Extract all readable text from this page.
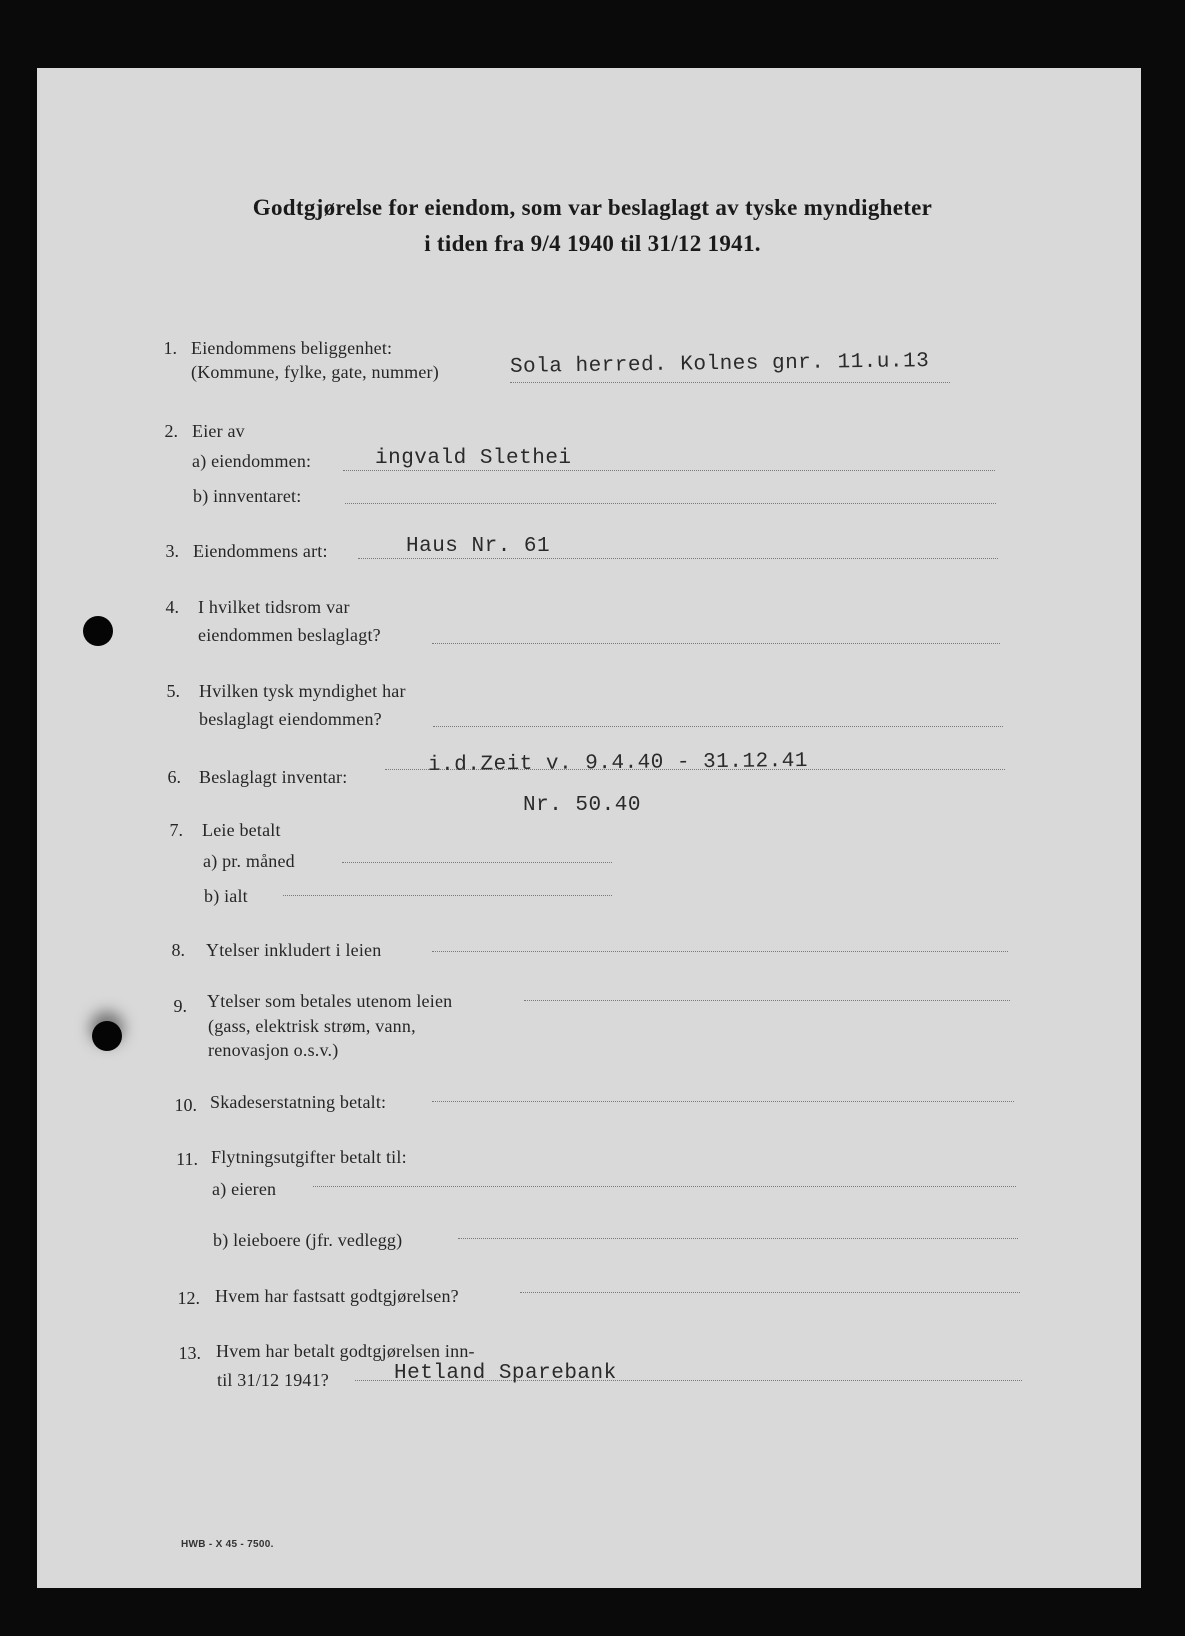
Godtgjørelse for eiendom, som var beslaglagt av tyske myndigheter
i tiden fra 9/4 1940 til 31/12 1941.
1. Eiendommens beliggenhet:
(Kommune, fylke, gate, nummer)	Sola herred. Kolnes gnr. 11.u.13
2. Eier av
a) eiendommen:	ingvald Slethei
b) innventaret:
3. Eiendommens art:	Haus Nr. 61
4. I hvilket tidsrom var
eiendommen beslaglagt?
5. Hvilken tysk myndighet har
beslaglagt eiendommen?
6. Beslaglagt inventar:
i.d.Zeit v. 9.4.40 - 31.12.41
Nr. 50.40
7. Leie betalt
a) pr. måned
b) ialt
8. Ytelser inkludert i leien
9. Ytelser som betales utenom leien
(gass, elektrisk strøm, vann,
renovasjon o.s.v.)
10. Skadeserstatning betalt:
11. Flytningsutgifter betalt til:
a) eieren
b) leieboere (jfr. vedlegg)
12. Hvem har fastsatt godtgjørelsen?
13. Hvem har betalt godtgjørelsen inn-
til 31/12 1941?	Hetland Sparebank
HWB - X 45 - 7500.
